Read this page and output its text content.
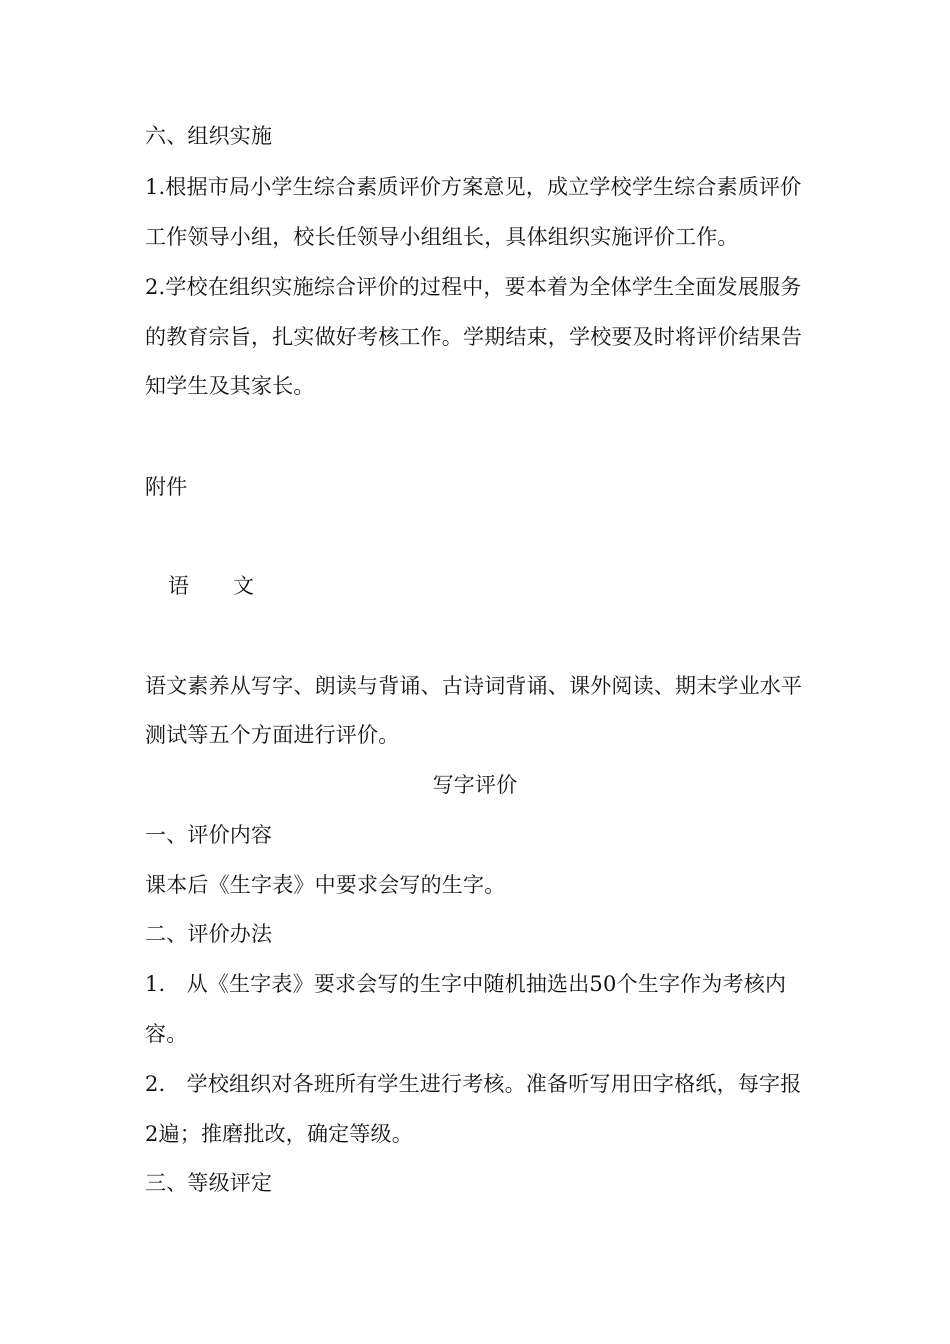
六、组织实施
1.根据市局小学生综合素质评价方案意见，成立学校学生综合素质评价
工作领导小组，校长任领导小组组长，具体组织实施评价工作。
2.学校在组织实施综合评价的过程中，要本着为全体学生全面发展服务
的教育宗旨，扎实做好考核工作。学期结束，学校要及时将评价结果告
知学生及其家长。
附件
语 文
语文素养从写字、朗读与背诵、古诗词背诵、课外阅读、期末学业水平
测试等五个方面进行评价。
写字评价
一、评价内容
课本后《生字表》中要求会写的生字。
二、评价办法
1.　从《生字表》要求会写的生字中随机抽选出50个生字作为考核内
容。
2.　学校组织对各班所有学生进行考核。准备听写用田字格纸，每字报
2遍；推磨批改，确定等级。
三、等级评定
